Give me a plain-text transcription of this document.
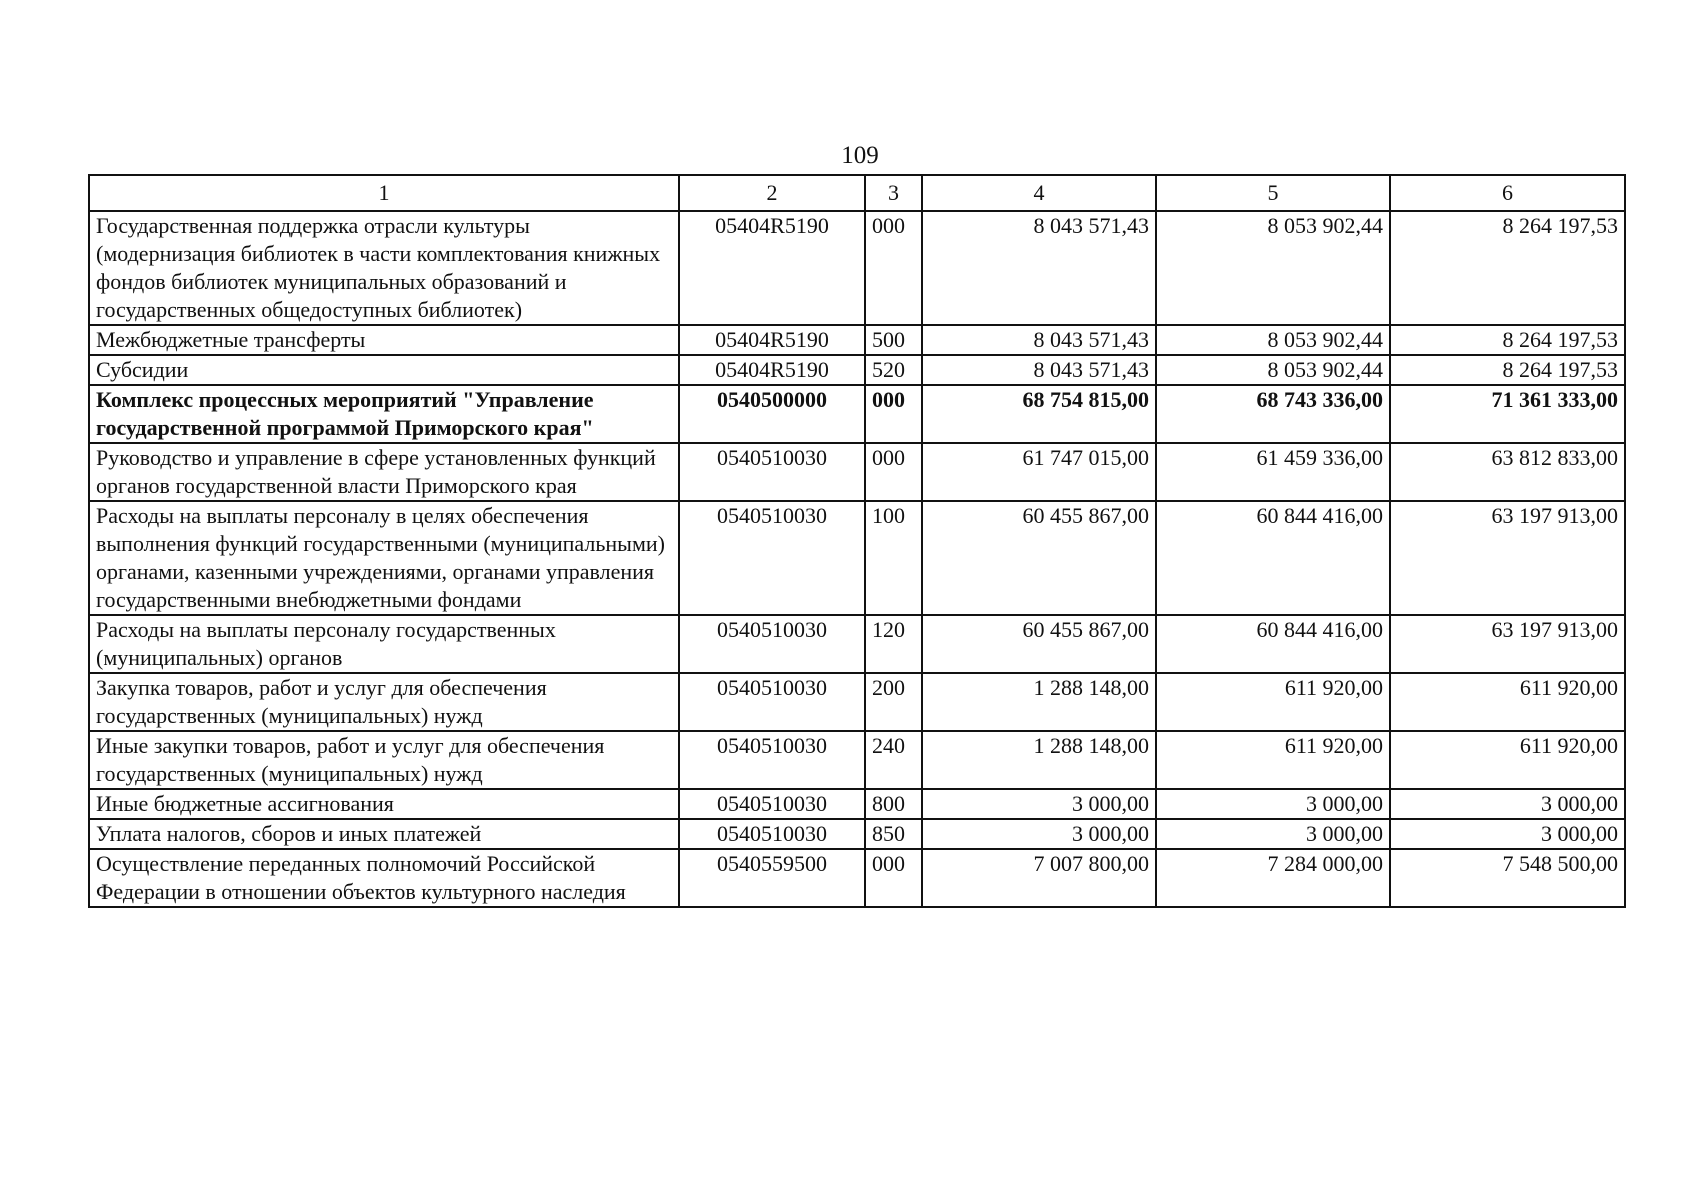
109
1	2	3	4	5	6
Государственная поддержка отрасли культуры (модернизация библиотек в части комплектования книжных фондов библиотек муниципальных образований и государственных общедоступных библиотек)	05404R5190	000	8 043 571,43	8 053 902,44	8 264 197,53
Межбюджетные трансферты	05404R5190	500	8 043 571,43	8 053 902,44	8 264 197,53
Субсидии	05404R5190	520	8 043 571,43	8 053 902,44	8 264 197,53
Комплекс процессных мероприятий "Управление государственной программой Приморского края"	0540500000	000	68 754 815,00	68 743 336,00	71 361 333,00
Руководство и управление в сфере установленных функций органов государственной власти Приморского края	0540510030	000	61 747 015,00	61 459 336,00	63 812 833,00
Расходы на выплаты персоналу в целях обеспечения выполнения функций государственными (муниципальными) органами, казенными учреждениями, органами управления государственными внебюджетными фондами	0540510030	100	60 455 867,00	60 844 416,00	63 197 913,00
Расходы на выплаты персоналу государственных (муниципальных) органов	0540510030	120	60 455 867,00	60 844 416,00	63 197 913,00
Закупка товаров, работ и услуг для обеспечения государственных (муниципальных) нужд	0540510030	200	1 288 148,00	611 920,00	611 920,00
Иные закупки товаров, работ и услуг для обеспечения государственных (муниципальных) нужд	0540510030	240	1 288 148,00	611 920,00	611 920,00
Иные бюджетные ассигнования	0540510030	800	3 000,00	3 000,00	3 000,00
Уплата налогов, сборов и иных платежей	0540510030	850	3 000,00	3 000,00	3 000,00
Осуществление переданных полномочий Российской Федерации в отношении объектов культурного наследия	0540559500	000	7 007 800,00	7 284 000,00	7 548 500,00
